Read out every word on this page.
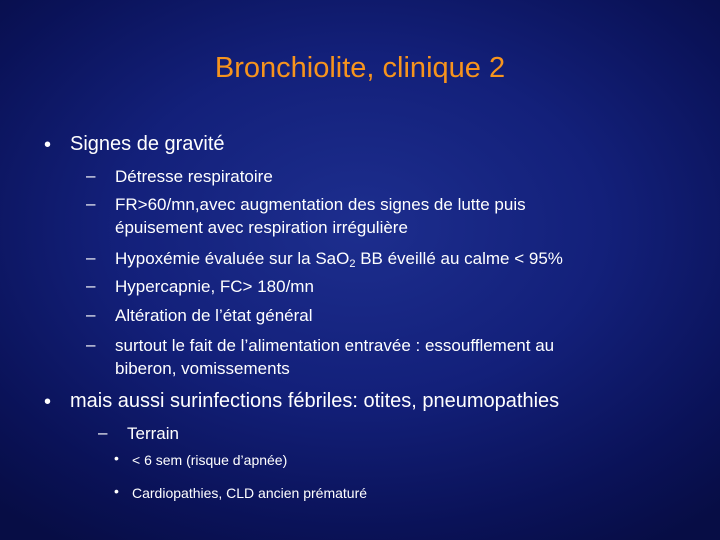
Bronchiolite, clinique 2
• Signes de gravité
– Détresse respiratoire
– FR>60/mn,avec augmentation des signes de lutte puis
épuisement avec respiration irrégulière
– Hypoxémie évaluée sur la SaO$_2$ BB éveillé au calme < 95%
– Hypercapnie, FC> 180/mn
– Altération de l’état général
– surtout le fait de l’alimentation entravée : essoufflement au
biberon, vomissements
• mais aussi surinfections fébriles: otites, pneumopathies
– Terrain
• < 6 sem (risque d’apnée)
• Cardiopathies, CLD ancien prématuré
